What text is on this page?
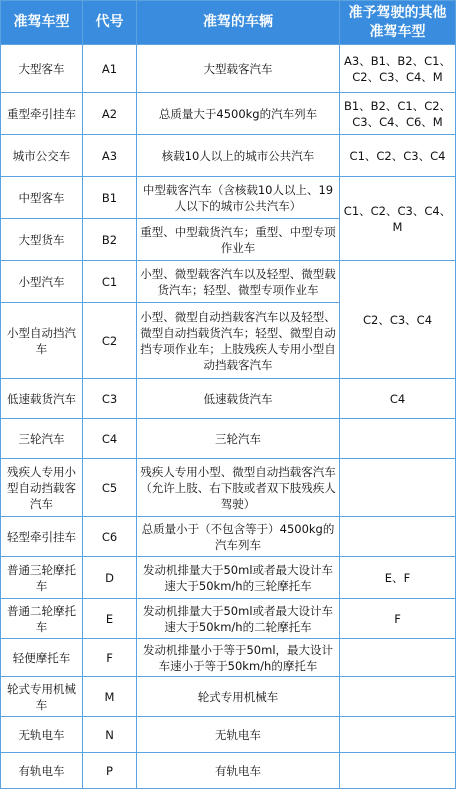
准驾车型	代号	准驾的车辆	准予驾驶的其他准驾车型
大型客车	A1	大型载客汽车	A3、B1、B2、C1、C2、C3、C4、M
重型牵引挂车	A2	总质量大于4500kg的汽车列车	B1、B2、C1、C2、C3、C4、C6、M
城市公交车	A3	核载10人以上的城市公共汽车	C1、C2、C3、C4
中型客车	B1	中型载客汽车（含核载10人以上、19人以下的城市公共汽车）	C1、C2、C3、C4、M
大型货车	B2	重型、中型载货汽车；重型、中型专项作业车	
小型汽车	C1	小型、微型载客汽车以及轻型、微型载货汽车；轻型、微型专项作业车	C2、C3、C4
小型自动挡汽车	C2	小型、微型自动挡载客汽车以及轻型、微型自动挡载货汽车；轻型、微型自动挡专项作业车；上肢残疾人专用小型自动挡载客汽车	
低速载货汽车	C3	低速载货汽车	C4
三轮汽车	C4	三轮汽车	
残疾人专用小型自动挡载客汽车	C5	残疾人专用小型、微型自动挡载客汽车（允许上肢、右下肢或者双下肢残疾人驾驶）	
轻型牵引挂车	C6	总质量小于（不包含等于）4500kg的汽车列车	
普通三轮摩托车	D	发动机排量大于50ml或者最大设计车速大于50km/h的三轮摩托车	E、F
普通二轮摩托车	E	发动机排量大于50ml或者最大设计车速大于50km/h的二轮摩托车	F
轻便摩托车	F	发动机排量小于等于50ml，最大设计车速小于等于50km/h的摩托车	
轮式专用机械车	M	轮式专用机械车	
无轨电车	N	无轨电车	
有轨电车	P	有轨电车	
